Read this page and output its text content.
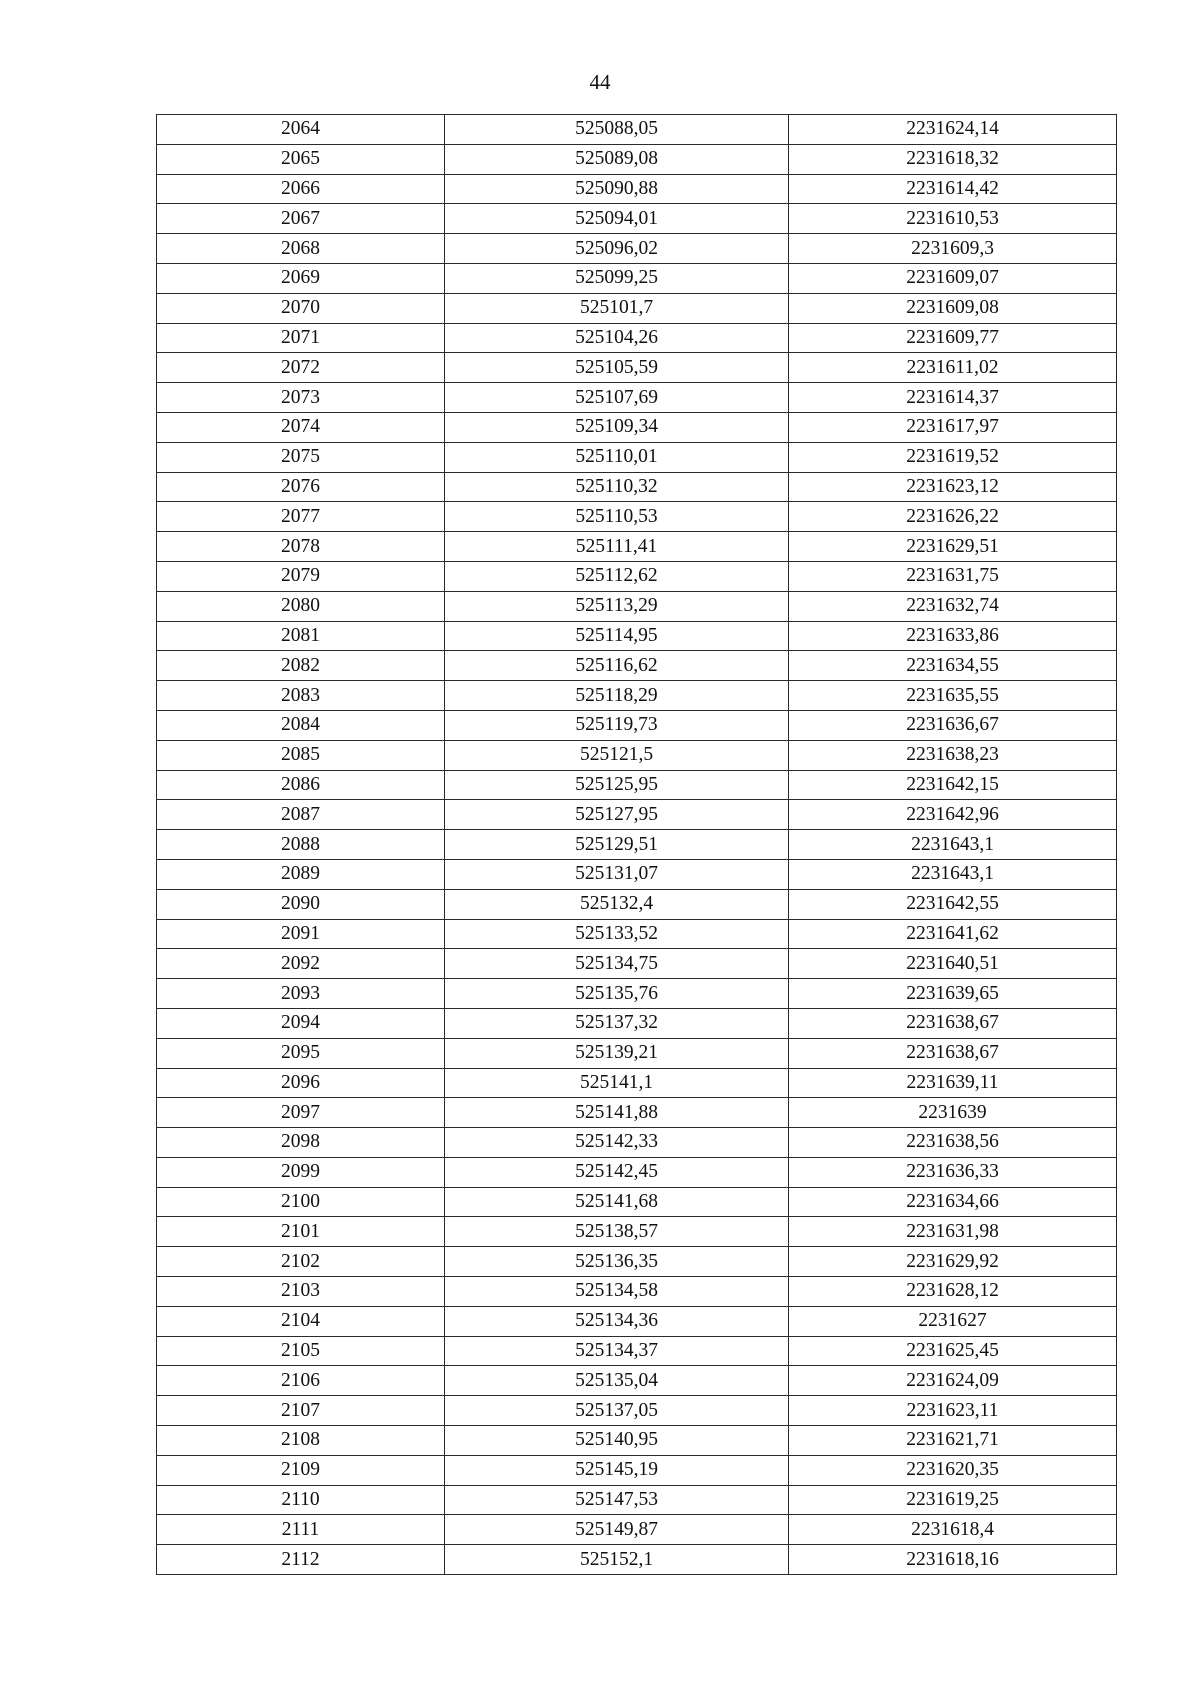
44
2064	525088,05	2231624,14
2065	525089,08	2231618,32
2066	525090,88	2231614,42
2067	525094,01	2231610,53
2068	525096,02	2231609,3
2069	525099,25	2231609,07
2070	525101,7	2231609,08
2071	525104,26	2231609,77
2072	525105,59	2231611,02
2073	525107,69	2231614,37
2074	525109,34	2231617,97
2075	525110,01	2231619,52
2076	525110,32	2231623,12
2077	525110,53	2231626,22
2078	525111,41	2231629,51
2079	525112,62	2231631,75
2080	525113,29	2231632,74
2081	525114,95	2231633,86
2082	525116,62	2231634,55
2083	525118,29	2231635,55
2084	525119,73	2231636,67
2085	525121,5	2231638,23
2086	525125,95	2231642,15
2087	525127,95	2231642,96
2088	525129,51	2231643,1
2089	525131,07	2231643,1
2090	525132,4	2231642,55
2091	525133,52	2231641,62
2092	525134,75	2231640,51
2093	525135,76	2231639,65
2094	525137,32	2231638,67
2095	525139,21	2231638,67
2096	525141,1	2231639,11
2097	525141,88	2231639
2098	525142,33	2231638,56
2099	525142,45	2231636,33
2100	525141,68	2231634,66
2101	525138,57	2231631,98
2102	525136,35	2231629,92
2103	525134,58	2231628,12
2104	525134,36	2231627
2105	525134,37	2231625,45
2106	525135,04	2231624,09
2107	525137,05	2231623,11
2108	525140,95	2231621,71
2109	525145,19	2231620,35
2110	525147,53	2231619,25
2111	525149,87	2231618,4
2112	525152,1	2231618,16
